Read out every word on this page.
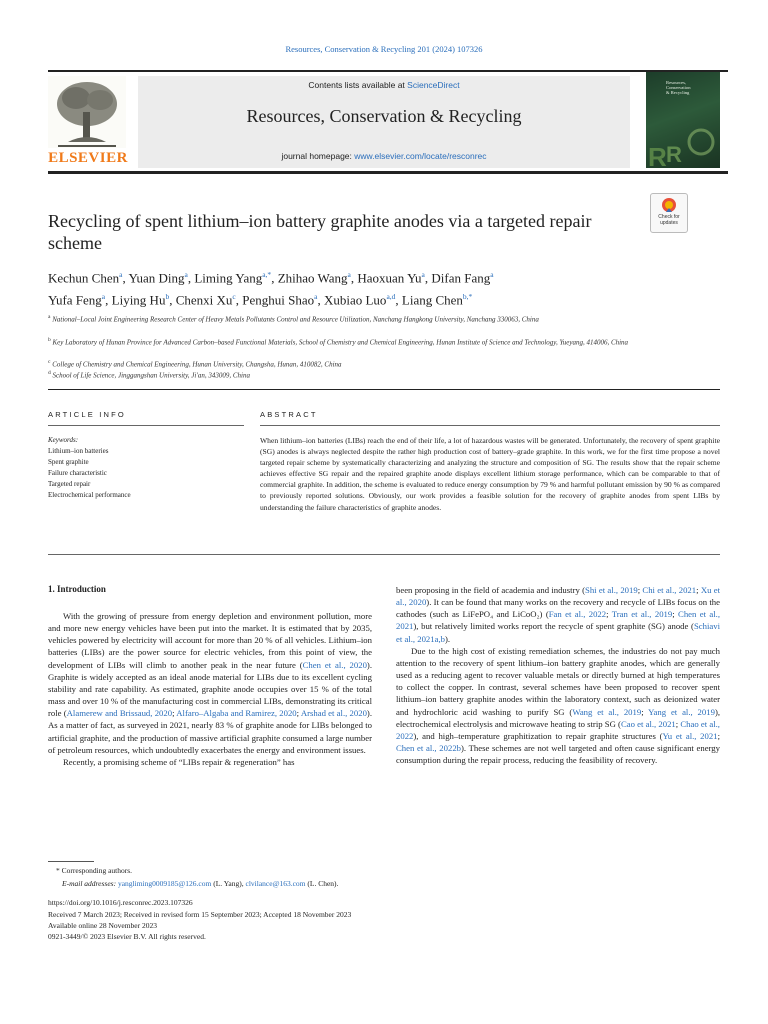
Resources, Conservation & Recycling 201 (2024) 107326
ELSEVIER
Contents lists available at ScienceDirect
Resources, Conservation & Recycling
journal homepage: www.elsevier.com/locate/resconrec	R R
Resources,
Conservation
& Recycling
Check for
updates
Recycling of spent lithium–ion battery graphite anodes via a targeted repair scheme
Kechun Chen$^a$, Yuan Ding$^a$, Liming Yang$^{a,*}$, Zhihao Wang$^a$, Haoxuan Yu$^a$, Difan Fang$^a$
Yufa Feng$^a$, Liying Hu$^b$, Chenxi Xu$^c$, Penghui Shao$^a$, Xubiao Luo$^{a,d}$, Liang Chen$^{b,*}$
$^a$ National–Local Joint Engineering Research Center of Heavy Metals Pollutants Control and Resource Utilization, Nanchang Hangkong University, Nanchang 330063, China
$^b$ Key Laboratory of Hunan Province for Advanced Carbon–based Functional Materials, School of Chemistry and Chemical Engineering, Hunan Institute of Science and Technology, Yueyang, 414006, China
$^c$ College of Chemistry and Chemical Engineering, Hunan University, Changsha, Hunan, 410082, China
$^d$ School of Life Science, Jinggangshan University, Ji'an, 343009, China
ARTICLE INFO
Keywords:
Lithium–ion batteries
Spent graphite
Failure characteristic
Targeted repair
Electrochemical performance
ABSTRACT
When lithium–ion batteries (LIBs) reach the end of their life, a lot of hazardous wastes will be generated. Unfortunately, the recovery of spent graphite (SG) anodes is always neglected despite the rather high production cost of battery–grade graphite. In this work, we for the first time propose a novel targeted repair scheme by systematically characterizing and analyzing the structure and composition of SG. The results show that the repair scheme achieves effective SG repair and the repaired graphite anode displays excellent lithium storage performance, which can be comparable to that of commercial graphite. In addition, the scheme is evaluated to reduce energy consumption by 79 % and harmful pollutant emission by 90 % as compared to previously reported solutions. Obviously, our work provides a feasible solution for the recovery of graphite anodes from spent LIBs by understanding the failure characteristics of graphite anodes.
1. Introduction

With the growing of pressure from energy depletion and environment pollution, more and more new energy vehicles have been put into the market. It is estimated that by 2035, vehicles powered by electricity will account for more than 20 % of all vehicles. Lithium–ion batteries (LIBs) are the power source for electric vehicles, from this point of view, the development of LIBs will climb to another peak in the near future (Chen et al., 2020). Graphite is widely accepted as an ideal anode material for LIBs due to its excellent cycling stability and rate capability. As estimated, graphite anode occupies over 15 % of the total mass and over 10 % of the manufacturing cost in commercial LIBs, demonstrating its critical role (Alamerew and Brissaud, 2020; Alfaro–Algaba and Ramirez, 2020; Arshad et al., 2020). As a matter of fact, as surveyed in 2021, nearly 83 % of graphite anode for LIBs belonged to artificial graphite, and the production of massive artificial graphite consumed a large number of petroleum resources, which undoubtedly exacerbates the energy and environment issues.

Recently, a promising scheme of “LIBs repair & regeneration” has

been proposing in the field of academia and industry (Shi et al., 2019; Chi et al., 2021; Xu et al., 2020). It can be found that many works on the recovery and recycle of LIBs focus on the cathodes (such as LiFePO₄ and LiCoO₂) (Fan et al., 2022; Tran et al., 2019; Chen et al., 2021), but relatively limited works report the recycle of spent graphite (SG) anode (Schiavi et al., 2021a,b).

Due to the high cost of existing remediation schemes, the industries do not pay much attention to the recovery of spent lithium–ion battery graphite anodes, which are generally used as a reducing agent to recover valuable metals or directly burned at high temperatures to collect the copper. In contrast, several schemes have been proposed to recover spent lithium–ion battery graphite anodes within the laboratory context, such as deionized water and hydrochloric acid washing to purify SG (Wang et al., 2019; Yang et al., 2019), electrochemical electrolysis and microwave heating to strip SG (Cao et al., 2021; Chao et al., 2022), and high–temperature graphitization to repair graphite structures (Yu et al., 2021; Chen et al., 2022b). These schemes are not well targeted and often cause significant energy consumption during the repair process, reducing the feasibility of recovery.

* Corresponding authors.
E-mail addresses: yangliming0009185@126.com (L. Yang), clvilance@163.com (L. Chen).
https://doi.org/10.1016/j.resconrec.2023.107326
Received 7 March 2023; Received in revised form 15 September 2023; Accepted 18 November 2023
Available online 28 November 2023
0921-3449/© 2023 Elsevier B.V. All rights reserved.
